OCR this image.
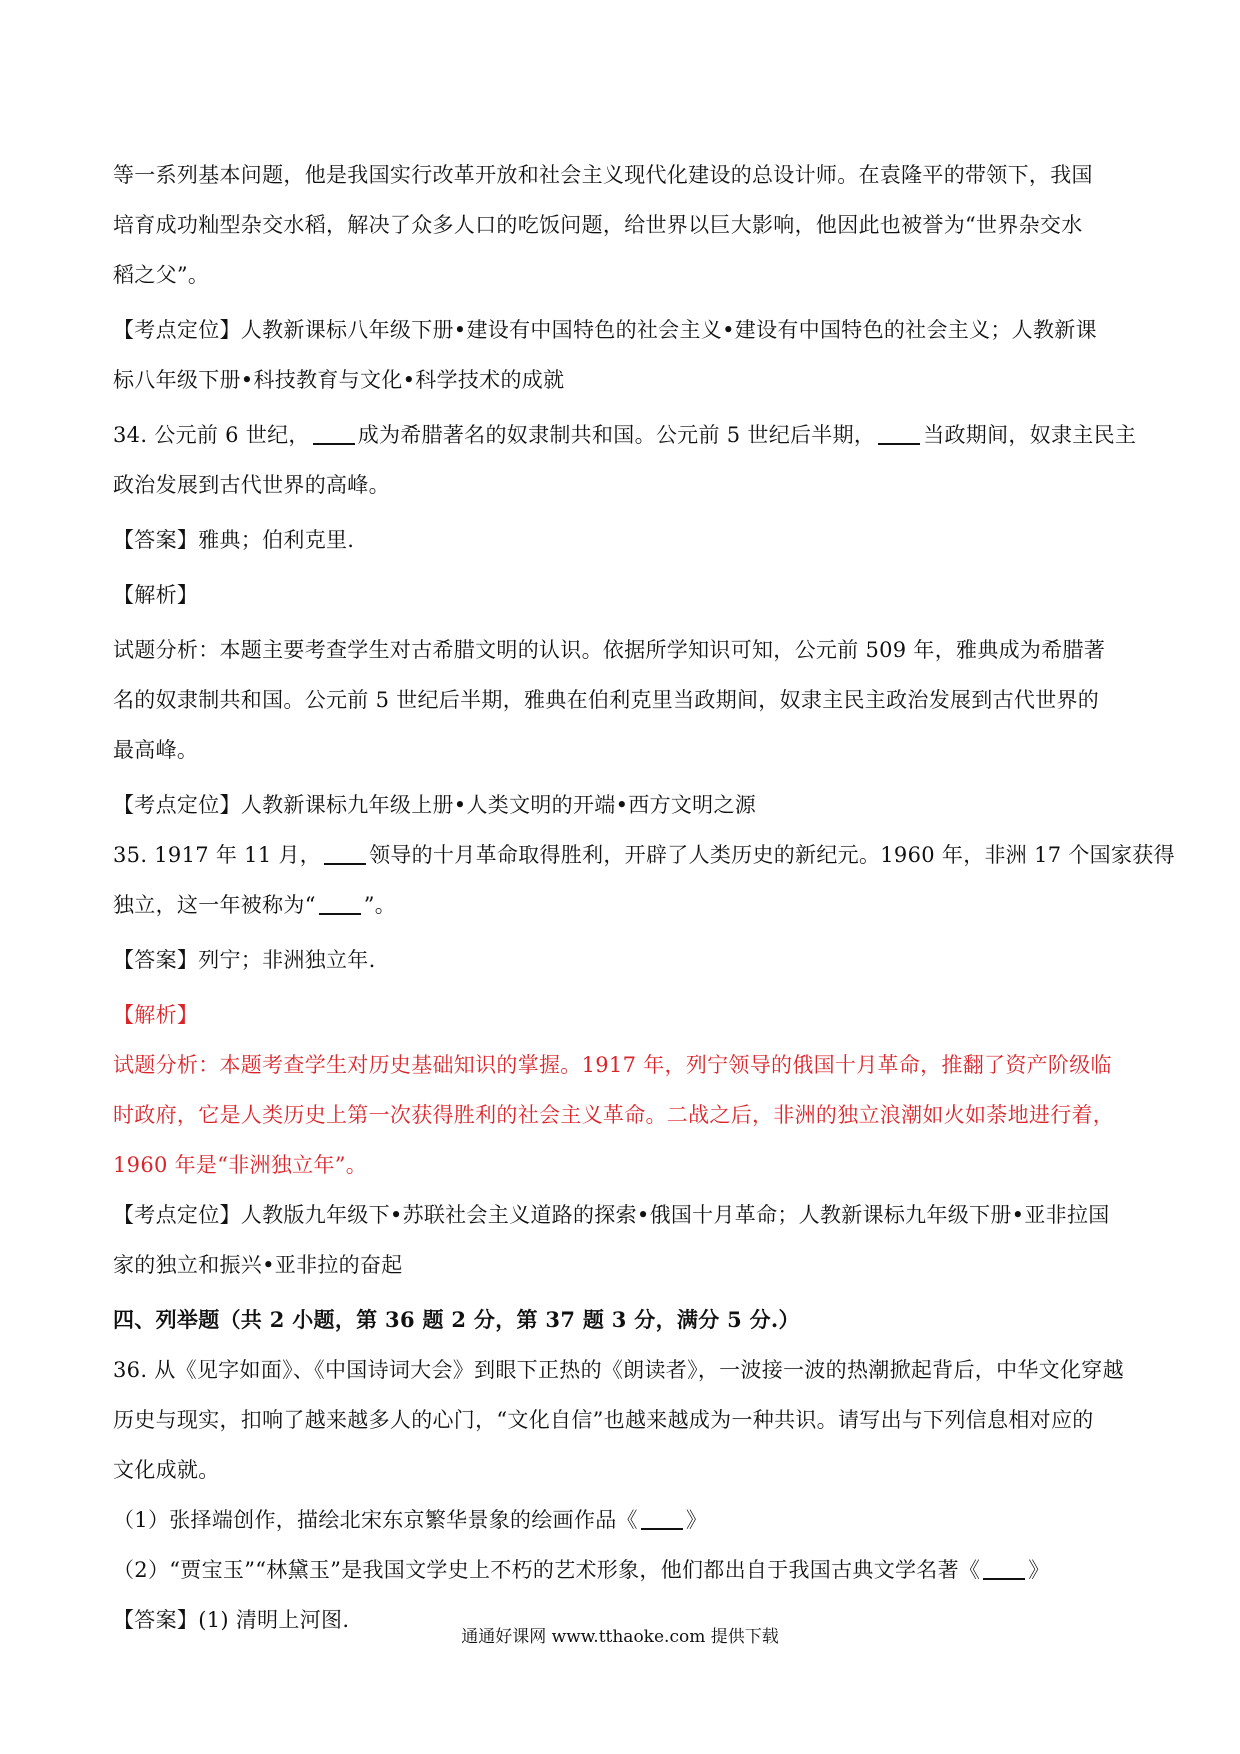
等一系列基本问题，他是我国实行改革开放和社会主义现代化建设的总设计师。在袁隆平的带领下，我国
培育成功籼型杂交水稻，解决了众多人口的吃饭问题，给世界以巨大影响，他因此也被誉为“世界杂交水
稻之父”。
【考点定位】人教新课标八年级下册•建设有中国特色的社会主义•建设有中国特色的社会主义；人教新课
标八年级下册•科技教育与文化•科学技术的成就
34. 公元前 6 世纪， 成为希腊著名的奴隶制共和国。公元前 5 世纪后半期， 当政期间，奴隶主民主
政治发展到古代世界的高峰。
【答案】雅典；伯利克里.
【解析】
试题分析：本题主要考查学生对古希腊文明的认识。依据所学知识可知，公元前 509 年，雅典成为希腊著
名的奴隶制共和国。公元前 5 世纪后半期，雅典在伯利克里当政期间，奴隶主民主政治发展到古代世界的
最高峰。
【考点定位】人教新课标九年级上册•人类文明的开端•西方文明之源
35. 1917 年 11 月， 领导的十月革命取得胜利，开辟了人类历史的新纪元。1960 年，非洲 17 个国家获得
独立，这一年被称为“ ”。
【答案】列宁；非洲独立年.
【解析】
试题分析：本题考查学生对历史基础知识的掌握。1917 年，列宁领导的俄国十月革命，推翻了资产阶级临
时政府，它是人类历史上第一次获得胜利的社会主义革命。二战之后，非洲的独立浪潮如火如荼地进行着，
1960 年是“非洲独立年”。
【考点定位】人教版九年级下•苏联社会主义道路的探索•俄国十月革命；人教新课标九年级下册•亚非拉国
家的独立和振兴•亚非拉的奋起
四、列举题（共 2 小题，第 36 题 2 分，第 37 题 3 分，满分 5 分.）
36. 从《见字如面》、《中国诗词大会》到眼下正热的《朗读者》，一波接一波的热潮掀起背后，中华文化穿越
历史与现实，扣响了越来越多人的心门，“文化自信”也越来越成为一种共识。请写出与下列信息相对应的
文化成就。
（1）张择端创作，描绘北宋东京繁华景象的绘画作品《 》
（2）“贾宝玉”“林黛玉”是我国文学史上不朽的艺术形象，他们都出自于我国古典文学名著《 》
【答案】(1) 清明上河图.
通通好课网 www.tthaoke.com 提供下载
